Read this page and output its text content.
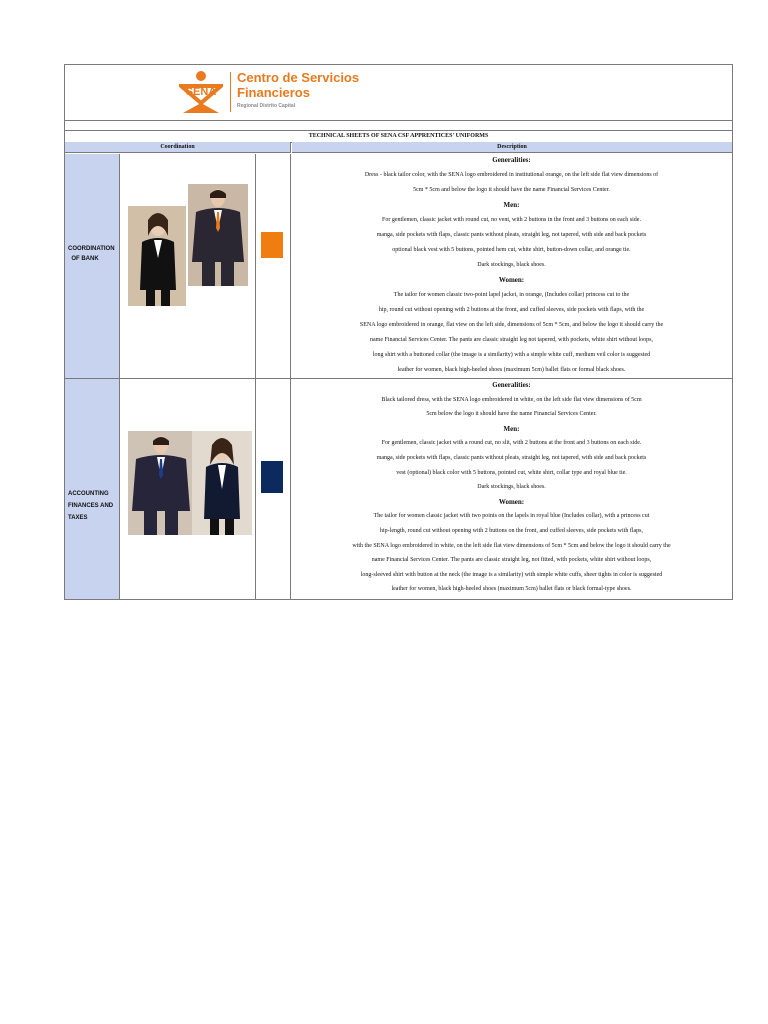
SENA
Centro de Servicios
Financieros
Regional Distrito Capital
TECHNICAL SHEETS OF SENA CSF APPRENTICES' UNIFORMS
Coordination	Description
COORDINATION
OF BANK
Generalities:
Dress - black tailor color, with the SENA logo embroidered in institutional orange, on the left side flat view dimensions of
5cm * 5cm and below the logo it should have the name Financial Services Center.
Men:
For gentlemen, classic jacket with round cut, no vent, with 2 buttons in the front and 3 buttons on each side.
manga, side pockets with flaps, classic pants without pleats, straight leg, not tapered, with side and back pockets
optional black vest with 5 buttons, pointed hem cut, white shirt, button-down collar, and orange tie.
Dark stockings, black shoes.
Women:
The tailor for women classic two-point lapel jacket, in orange, (Includes collar) princess cut to the
hip, round cut without opening with 2 buttons at the front, and cuffed sleeves, side pockets with flaps, with the
SENA logo embroidered in orange, flat view on the left side, dimensions of 5cm * 5cm, and below the logo it should carry the
name Financial Services Center. The pants are classic straight leg not tapered, with pockets, white shirt without loops,
long shirt with a buttoned collar (the image is a similarity) with a simple white cuff, medium veil color is suggested
leather for women, black high-heeled shoes (maximum 5cm) ballet flats or formal black shoes.
ACCOUNTING
FINANCES AND
TAXES
Generalities:
Black tailored dress, with the SENA logo embroidered in white, on the left side flat view dimensions of 5cm
5cm below the logo it should have the name Financial Services Center.
Men:
For gentlemen, classic jacket with a round cut, no slit, with 2 buttons at the front and 3 buttons on each side.
manga, side pockets with flaps, classic pants without pleats, straight leg, not tapered, with side and back pockets
vest (optional) black color with 5 buttons, pointed cut, white shirt, collar type and royal blue tie.
Dark stockings, black shoes.
Women:
The tailor for women classic jacket with two points on the lapels in royal blue (Includes collar), with a princess cut
hip-length, round cut without opening with 2 buttons on the front, and cuffed sleeves, side pockets with flaps,
with the SENA logo embroidered in white, on the left side flat view dimensions of 5cm * 5cm and below the logo it should carry the
name Financial Services Center. The pants are classic straight leg, not fitted, with pockets, white shirt without loops,
long-sleeved shirt with button at the neck (the image is a similarity) with simple white cuffs, sheer tights in color is suggested
leather for women, black high-heeled shoes (maximum 5cm) ballet flats or black formal-type shoes.
